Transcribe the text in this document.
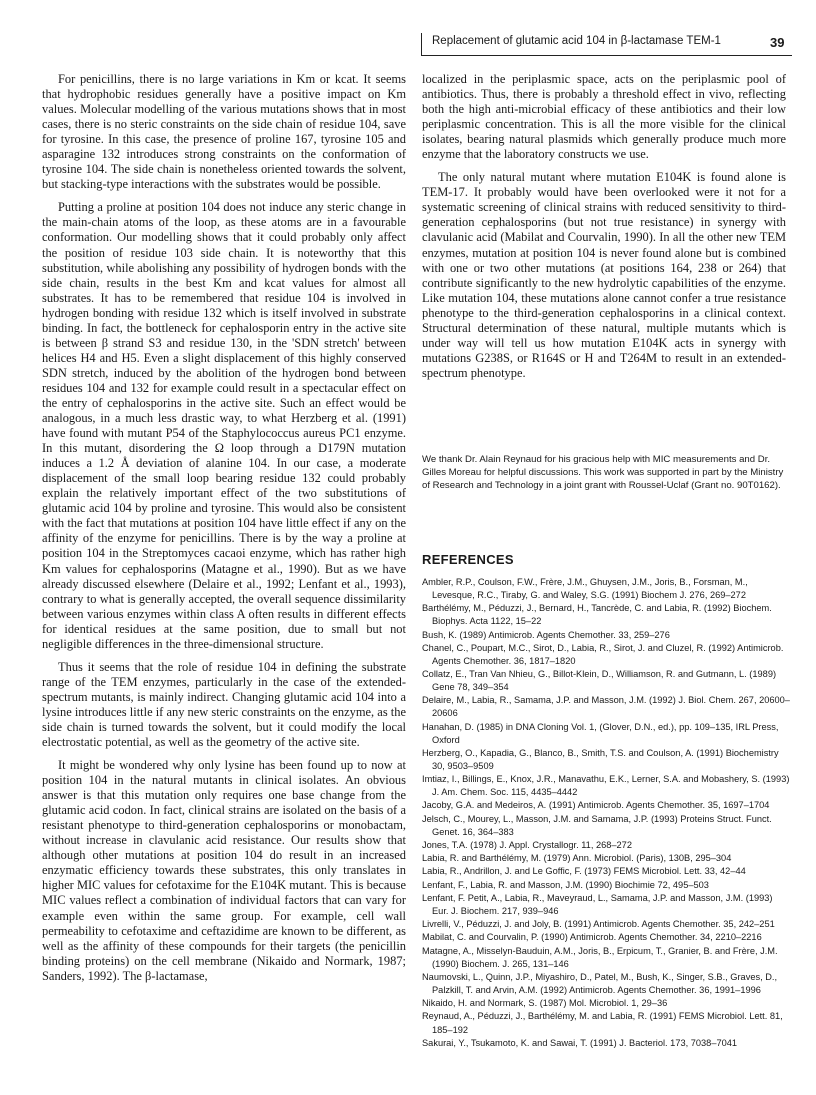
Replacement of glutamic acid 104 in β-lactamase TEM-1	39

For penicillins, there is no large variations in Km or kcat. It seems that hydrophobic residues generally have a positive impact on Km values. Molecular modelling of the various mutations shows that in most cases, there is no steric constraints on the side chain of residue 104, save for tyrosine. In this case, the presence of proline 167, tyrosine 105 and asparagine 132 introduces strong constraints on the conformation of tyrosine 104. The side chain is nonetheless oriented towards the solvent, but stacking-type interactions with the substrates would be possible.

Putting a proline at position 104 does not induce any steric change in the main-chain atoms of the loop, as these atoms are in a favourable conformation. Our modelling shows that it could probably only affect the position of residue 103 side chain. It is noteworthy that this substitution, while abolishing any possibility of hydrogen bonds with the side chain, results in the best Km and kcat values for almost all substrates. It has to be remembered that residue 104 is involved in hydrogen bonding with residue 132 which is itself involved in substrate binding. In fact, the bottleneck for cephalosporin entry in the active site is between β strand S3 and residue 130, in the 'SDN stretch' between helices H4 and H5. Even a slight displacement of this highly conserved SDN stretch, induced by the abolition of the hydrogen bond between residues 104 and 132 for example could result in a spectacular effect on the entry of cephalosporins in the active site. Such an effect would be analogous, in a much less drastic way, to what Herzberg et al. (1991) have found with mutant P54 of the Staphylococcus aureus PC1 enzyme. In this mutant, disordering the Ω loop through a D179N mutation induces a 1.2 Å deviation of alanine 104. In our case, a moderate displacement of the small loop bearing residue 132 could probably explain the relatively important effect of the two substitutions of glutamic acid 104 by proline and tyrosine. This would also be consistent with the fact that mutations at position 104 have little effect if any on the affinity of the enzyme for penicillins. There is by the way a proline at position 104 in the Streptomyces cacaoi enzyme, which has rather high Km values for cephalosporins (Matagne et al., 1990). But as we have already discussed elsewhere (Delaire et al., 1992; Lenfant et al., 1993), contrary to what is generally accepted, the overall sequence dissimilarity between various enzymes within class A often results in different effects for identical residues at the same position, due to small but not negligible differences in the three-dimensional structure.

Thus it seems that the role of residue 104 in defining the substrate range of the TEM enzymes, particularly in the case of the extended-spectrum mutants, is mainly indirect. Changing glutamic acid 104 into a lysine introduces little if any new steric constraints on the enzyme, as the side chain is turned towards the solvent, but it could modify the local electrostatic potential, as well as the geometry of the active site.

It might be wondered why only lysine has been found up to now at position 104 in the natural mutants in clinical isolates. An obvious answer is that this mutation only requires one base change from the glutamic acid codon. In fact, clinical strains are isolated on the basis of a resistant phenotype to third-generation cephalosporins or monobactam, without increase in clavulanic acid resistance. Our results show that although other mutations at position 104 do result in an increased enzymatic efficiency towards these substrates, this only translates in higher MIC values for cefotaxime for the E104K mutant. This is because MIC values reflect a combination of individual factors that can vary for example even within the same group. For example, cell wall permeability to cefotaxime and ceftazidime are known to be different, as well as the affinity of these compounds for their targets (the penicillin binding proteins) on the cell membrane (Nikaido and Normark, 1987; Sanders, 1992). The β-lactamase,

localized in the periplasmic space, acts on the periplasmic pool of antibiotics. Thus, there is probably a threshold effect in vivo, reflecting both the high anti-microbial efficacy of these antibiotics and their low periplasmic concentration. This is all the more visible for the clinical isolates, bearing natural plasmids which generally produce much more enzyme that the laboratory constructs we use.

The only natural mutant where mutation E104K is found alone is TEM-17. It probably would have been overlooked were it not for a systematic screening of clinical strains with reduced sensitivity to third-generation cephalosporins (but not true resistance) in synergy with clavulanic acid (Mabilat and Courvalin, 1990). In all the other new TEM enzymes, mutation at position 104 is never found alone but is combined with one or two other mutations (at positions 164, 238 or 264) that contribute significantly to the new hydrolytic capabilities of the enzyme. Like mutation 104, these mutations alone cannot confer a true resistance phenotype to the third-generation cephalosporins in a clinical context. Structural determination of these natural, multiple mutants which is under way will tell us how mutation E104K acts in synergy with mutations G238S, or R164S or H and T264M to result in an extended-spectrum phenotype.

We thank Dr. Alain Reynaud for his gracious help with MIC measurements and Dr. Gilles Moreau for helpful discussions. This work was supported in part by the Ministry of Research and Technology in a joint grant with Roussel-Uclaf (Grant no. 90T0162).
REFERENCES

Ambler, R.P., Coulson, F.W., Frère, J.M., Ghuysen, J.M., Joris, B., Forsman, M., Levesque, R.C., Tiraby, G. and Waley, S.G. (1991) Biochem J. 276, 269–272

Barthélémy, M., Péduzzi, J., Bernard, H., Tancrède, C. and Labia, R. (1992) Biochem. Biophys. Acta 1122, 15–22

Bush, K. (1989) Antimicrob. Agents Chemother. 33, 259–276

Chanel, C., Poupart, M.C., Sirot, D., Labia, R., Sirot, J. and Cluzel, R. (1992) Antimicrob. Agents Chemother. 36, 1817–1820

Collatz, E., Tran Van Nhieu, G., Billot-Klein, D., Williamson, R. and Gutmann, L. (1989) Gene 78, 349–354

Delaire, M., Labia, R., Samama, J.P. and Masson, J.M. (1992) J. Biol. Chem. 267, 20600–20606

Hanahan, D. (1985) in DNA Cloning Vol. 1, (Glover, D.N., ed.), pp. 109–135, IRL Press, Oxford

Herzberg, O., Kapadia, G., Blanco, B., Smith, T.S. and Coulson, A. (1991) Biochemistry 30, 9503–9509

Imtiaz, I., Billings, E., Knox, J.R., Manavathu, E.K., Lerner, S.A. and Mobashery, S. (1993) J. Am. Chem. Soc. 115, 4435–4442

Jacoby, G.A. and Medeiros, A. (1991) Antimicrob. Agents Chemother. 35, 1697–1704

Jelsch, C., Mourey, L., Masson, J.M. and Samama, J.P. (1993) Proteins Struct. Funct. Genet. 16, 364–383

Jones, T.A. (1978) J. Appl. Crystallogr. 11, 268–272

Labia, R. and Barthélémy, M. (1979) Ann. Microbiol. (Paris), 130B, 295–304

Labia, R., Andrillon, J. and Le Goffic, F. (1973) FEMS Microbiol. Lett. 33, 42–44

Lenfant, F., Labia, R. and Masson, J.M. (1990) Biochimie 72, 495–503

Lenfant, F. Petit, A., Labia, R., Maveyraud, L., Samama, J.P. and Masson, J.M. (1993) Eur. J. Biochem. 217, 939–946

Livrelli, V., Péduzzi, J. and Joly, B. (1991) Antimicrob. Agents Chemother. 35, 242–251

Mabilat, C. and Courvalin, P. (1990) Antimicrob. Agents Chemother. 34, 2210–2216

Matagne, A., Misselyn-Bauduin, A.M., Joris, B., Erpicum, T., Granier, B. and Frère, J.M. (1990) Biochem. J. 265, 131–146

Naumovski, L., Quinn, J.P., Miyashiro, D., Patel, M., Bush, K., Singer, S.B., Graves, D., Palzkill, T. and Arvin, A.M. (1992) Antimicrob. Agents Chemother. 36, 1991–1996

Nikaido, H. and Normark, S. (1987) Mol. Microbiol. 1, 29–36

Reynaud, A., Péduzzi, J., Barthélémy, M. and Labia, R. (1991) FEMS Microbiol. Lett. 81, 185–192

Sakurai, Y., Tsukamoto, K. and Sawai, T. (1991) J. Bacteriol. 173, 7038–7041
